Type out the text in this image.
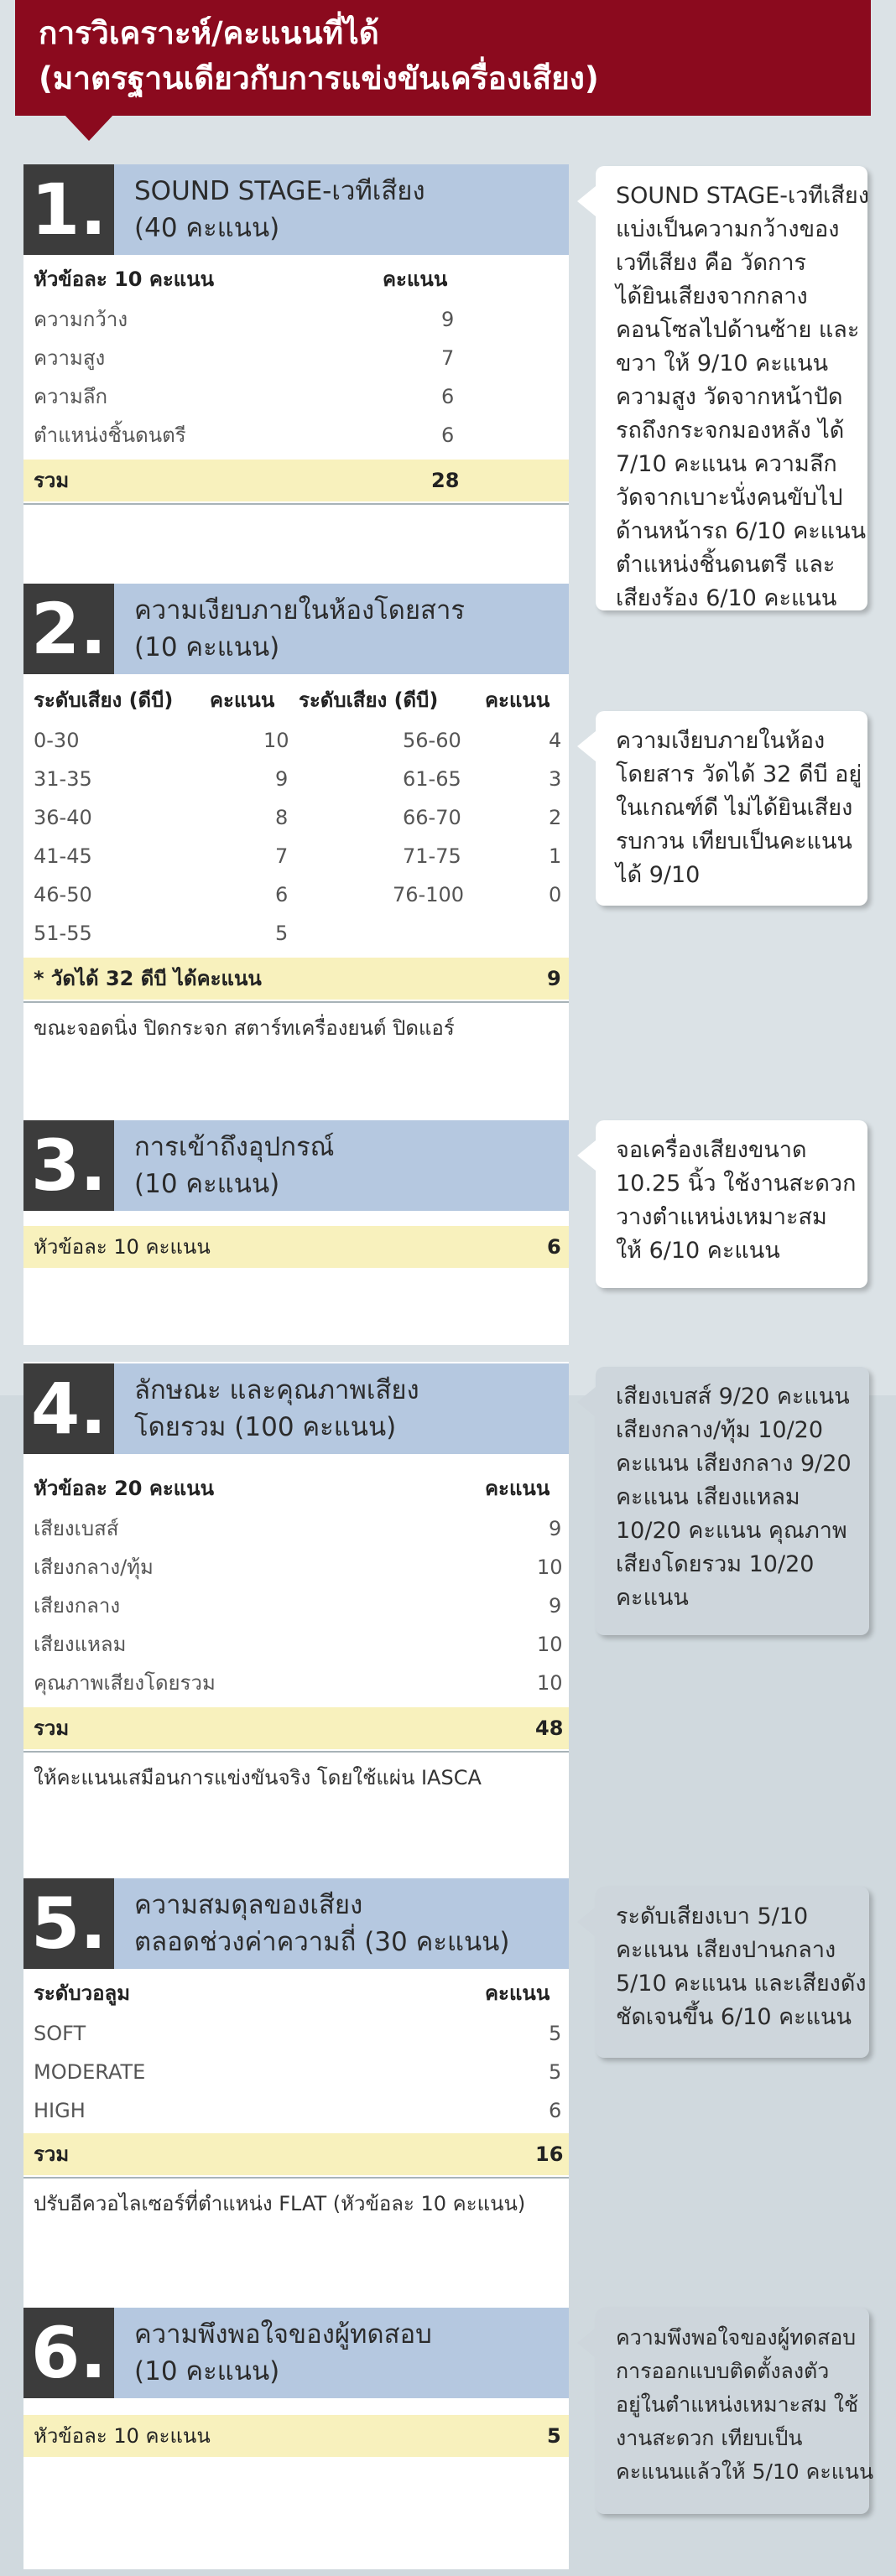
การวิเคราะห์/คะแนนที่ได้
(มาตรฐานเดียวกับการแข่งขันเครื่องเสียง)
1. SOUND STAGE-เวทีเสียง
(40 คะแนน)
หัวข้อละ 10 คะแนน	คะแนน
ความกว้าง	9
ความสูง	7
ความลึก	6
ตำแหน่งชิ้นดนตรี	6
รวม	28
SOUND STAGE-เวทีเสียง
แบ่งเป็นความกว้างของ
เวทีเสียง คือ วัดการ
ได้ยินเสียงจากกลาง
คอนโซลไปด้านซ้าย และ
ขวา ให้ 9/10 คะแนน
ความสูง วัดจากหน้าปัด
รถถึงกระจกมองหลัง ได้
7/10 คะแนน ความลึก
วัดจากเบาะนั่งคนขับไป
ด้านหน้ารถ 6/10 คะแนน
ตำแหน่งชิ้นดนตรี และ
เสียงร้อง 6/10 คะแนน
2. ความเงียบภายในห้องโดยสาร
(10 คะแนน)
ระดับเสียง (ดีบี) คะแนน ระดับเสียง (ดีบี) คะแนน
0-30	10	56-60	4
31-35	9	61-65	3
36-40	8	66-70	2
41-45	7	71-75	1
46-50	6	76-100	0
51-55	5
* วัดได้ 32 ดีบี ได้คะแนน	9
ขณะจอดนิ่ง ปิดกระจก สตาร์ทเครื่องยนต์ ปิดแอร์
ความเงียบภายในห้อง
โดยสาร วัดได้ 32 ดีบี อยู่
ในเกณฑ์ดี ไม่ได้ยินเสียง
รบกวน เทียบเป็นคะแนน
ได้ 9/10
3. การเข้าถึงอุปกรณ์
(10 คะแนน)
หัวข้อละ 10 คะแนน	6
จอเครื่องเสียงขนาด
10.25 นิ้ว ใช้งานสะดวก
วางตำแหน่งเหมาะสม
ให้ 6/10 คะแนน
4. ลักษณะ และคุณภาพเสียง
โดยรวม (100 คะแนน)
หัวข้อละ 20 คะแนน	คะแนน
เสียงเบสส์	9
เสียงกลาง/ทุ้ม	10
เสียงกลาง	9
เสียงแหลม	10
คุณภาพเสียงโดยรวม	10
รวม	48
ให้คะแนนเสมือนการแข่งขันจริง โดยใช้แผ่น IASCA
เสียงเบสส์ 9/20 คะแนน
เสียงกลาง/ทุ้ม 10/20
คะแนน เสียงกลาง 9/20
คะแนน เสียงแหลม
10/20 คะแนน คุณภาพ
เสียงโดยรวม 10/20
คะแนน
5. ความสมดุลของเสียง
ตลอดช่วงค่าความถี่ (30 คะแนน)
ระดับวอลูม	คะแนน
SOFT	5
MODERATE	5
HIGH	6
รวม	16
ปรับอีควอไลเซอร์ที่ตำแหน่ง FLAT (หัวข้อละ 10 คะแนน)
ระดับเสียงเบา 5/10
คะแนน เสียงปานกลาง
5/10 คะแนน และเสียงดัง
ชัดเจนขึ้น 6/10 คะแนน
6. ความพึงพอใจของผู้ทดสอบ
(10 คะแนน)
หัวข้อละ 10 คะแนน	5
ความพึงพอใจของผู้ทดสอบ
การออกแบบติดตั้งลงตัว
อยู่ในตำแหน่งเหมาะสม ใช้
งานสะดวก เทียบเป็น
คะแนนแล้วให้ 5/10 คะแนน
